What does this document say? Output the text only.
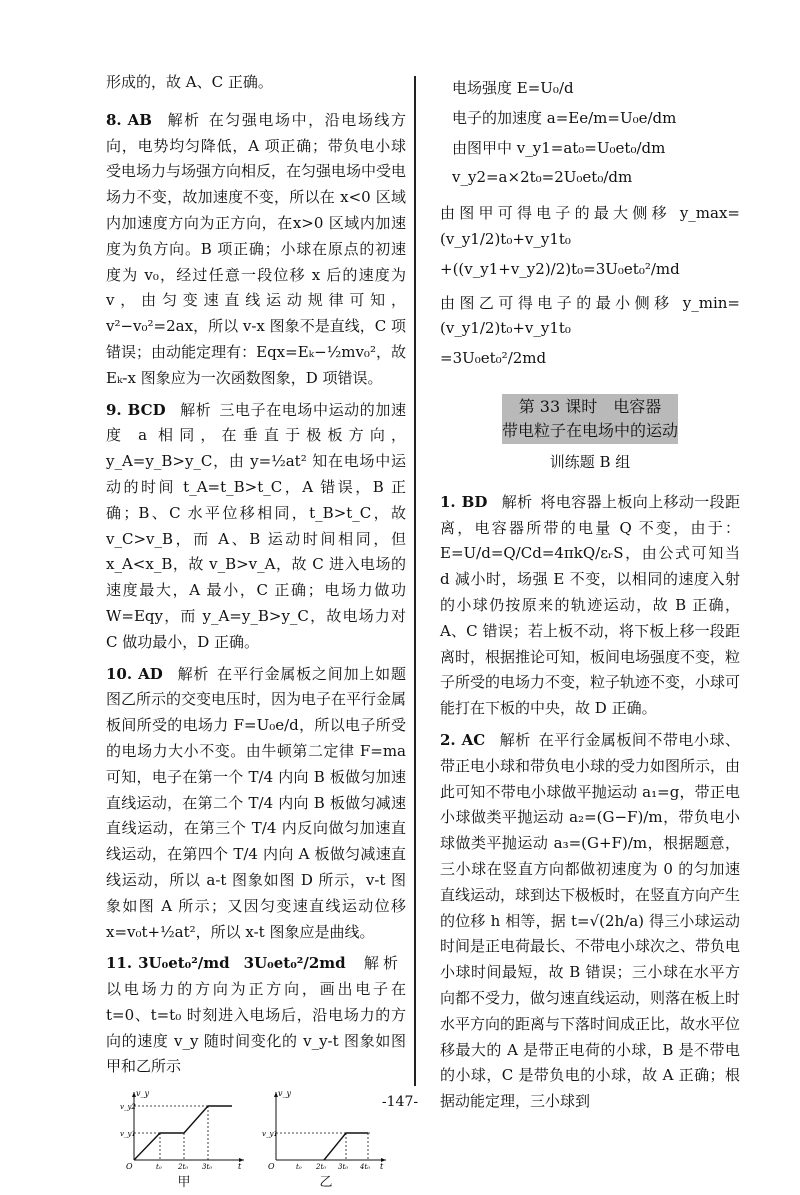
形成的，故 A、C 正确。

8. AB 解析 在匀强电场中，沿电场线方向，电势均匀降低，A 项正确；带负电小球受电场力与场强方向相反，在匀强电场中受电场力不变，故加速度不变，所以在 x<0 区域内加速度方向为正方向，在x>0 区域内加速度为负方向。B 项正确；小球在原点的初速度为 v₀，经过任意一段位移 x 后的速度为 v，由匀变速直线运动规律可知，v²−v₀²=2ax，所以 v-x 图象不是直线，C 项错误；由动能定理有：Eqx=Eₖ−½mv₀²，故 Eₖ-x 图象应为一次函数图象，D 项错误。

9. BCD 解析 三电子在电场中运动的加速度 a 相同，在垂直于极板方向，y_A=y_B>y_C，由 y=½at² 知在电场中运动的时间 t_A=t_B>t_C，A 错误，B 正确；B、C 水平位移相同，t_B>t_C，故 v_C>v_B，而 A、B 运动时间相同，但 x_A<x_B，故 v_B>v_A，故 C 进入电场的速度最大，A 最小，C 正确；电场力做功 W=Eqy，而 y_A=y_B>y_C，故电场力对 C 做功最小，D 正确。

10. AD 解析 在平行金属板之间加上如题图乙所示的交变电压时，因为电子在平行金属板间所受的电场力 F=U₀e/d，所以电子所受的电场力大小不变。由牛顿第二定律 F=ma 可知，电子在第一个 T/4 内向 B 板做匀加速直线运动，在第二个 T/4 内向 B 板做匀减速直线运动，在第三个 T/4 内反向做匀加速直线运动，在第四个 T/4 内向 A 板做匀减速直线运动，所以 a-t 图象如图 D 所示，v-t 图象如图 A 所示；又因匀变速直线运动位移 x=v₀t+½at²，所以 x-t 图象应是曲线。

11. 3U₀et₀²/md 3U₀et₀²/2md 解析以电场力的方向为正方向，画出电子在 t=0、t=t₀ 时刻进入电场后，沿电场力的方向的速度 v_y 随时间变化的 v_y-t 图象如图甲和乙所示

v_y
v_y2
v_y1
O	t₀ 2t₀ 3t₀	t
甲
v_y
v_y1
O	t₀ 2t₀ 3t₀ 4t₀ t
乙

电场强度 E=U₀/d

电子的加速度 a=Ee/m=U₀e/dm

由图甲中 v_y1=at₀=U₀et₀/dm

v_y2=a×2t₀=2U₀et₀/dm

由图甲可得电子的最大侧移 y_max=(v_y1/2)t₀+v_y1t₀

+((v_y1+v_y2)/2)t₀=3U₀et₀²/md

由图乙可得电子的最小侧移 y_min=(v_y1/2)t₀+v_y1t₀

=3U₀et₀²/2md

第 33 课时　电容器
带电粒子在电场中的运动
训练题 B 组

1. BD 解析 将电容器上板向上移动一段距离，电容器所带的电量 Q 不变，由于：E=U/d=Q/Cd=4πkQ/εᵣS，由公式可知当 d 减小时，场强 E 不变，以相同的速度入射的小球仍按原来的轨迹运动，故 B 正确，A、C 错误；若上板不动，将下板上移一段距离时，根据推论可知，板间电场强度不变，粒子所受的电场力不变，粒子轨迹不变，小球可能打在下板的中央，故 D 正确。

2. AC 解析 在平行金属板间不带电小球、带正电小球和带负电小球的受力如图所示，由此可知不带电小球做平抛运动 a₁=g，带正电小球做类平抛运动 a₂=(G−F)/m，带负电小球做类平抛运动 a₃=(G+F)/m，根据题意，三小球在竖直方向都做初速度为 0 的匀加速直线运动，球到达下极板时，在竖直方向产生的位移 h 相等，据 t=√(2h/a) 得三小球运动时间是正电荷最长、不带电小球次之、带负电小球时间最短，故 B 错误；三小球在水平方向都不受力，做匀速直线运动，则落在板上时水平方向的距离与下落时间成正比，故水平位移最大的 A 是带正电荷的小球，B 是不带电的小球，C 是带负电的小球，故 A 正确；根据动能定理，三小球到

-147-
